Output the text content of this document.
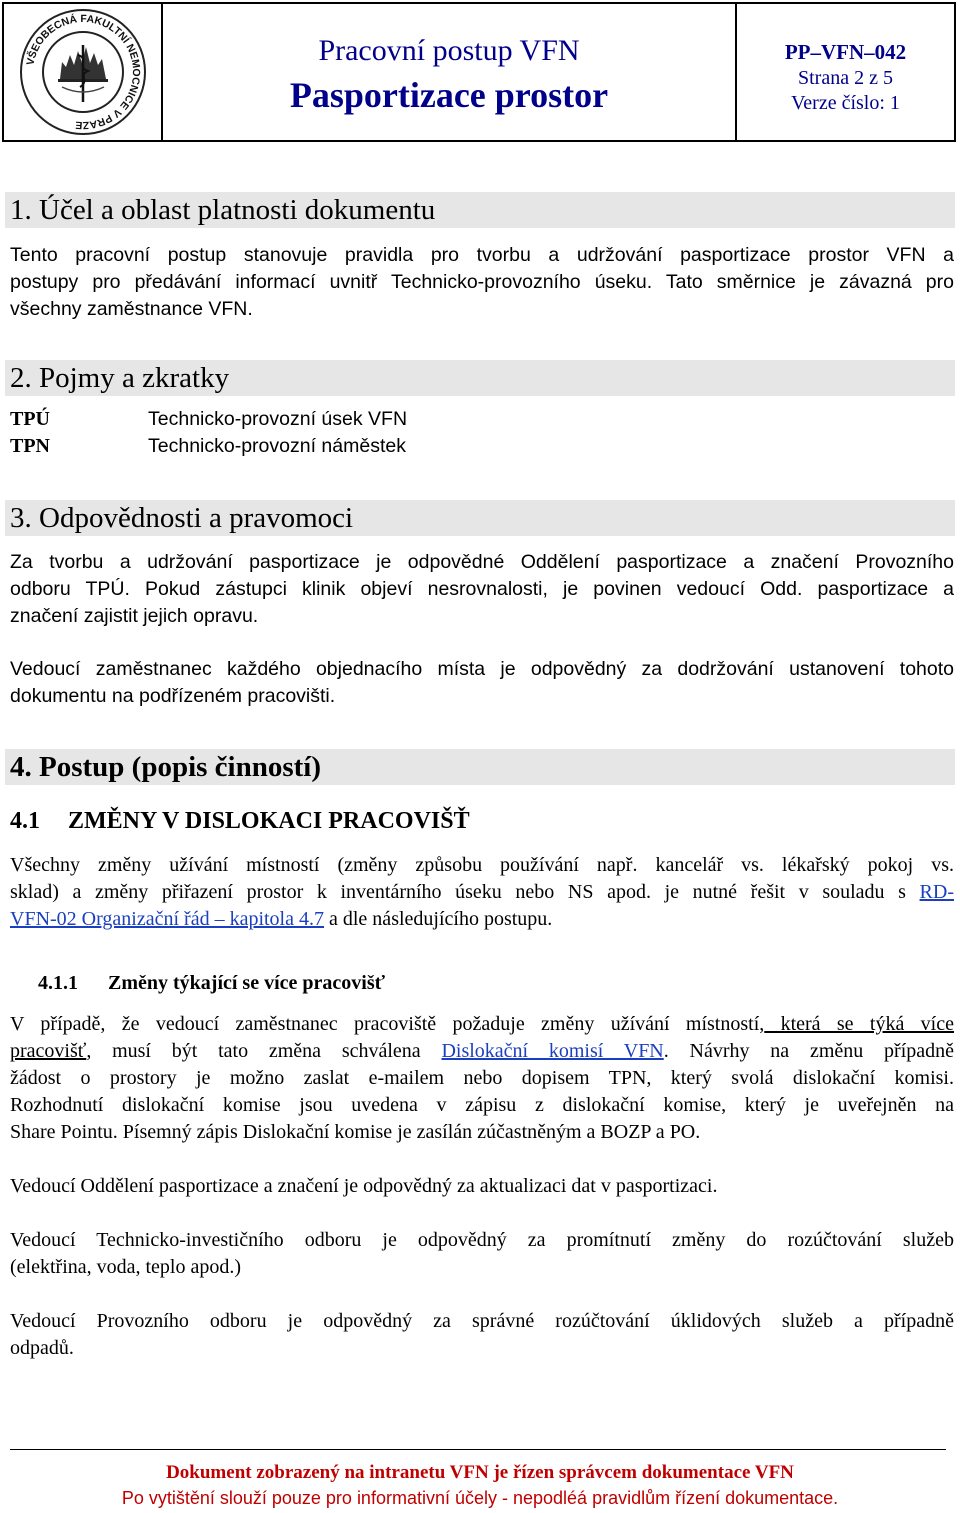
VŠEOBECNÁ FAKULTNÍ NEMOCNICE V PRAZE
Pracovní postup VFN
Pasportizace prostor
PP–VFN–042
Strana 2 z 5
Verze číslo: 1
1. Účel a oblast platnosti dokumentu
Tento pracovní postup stanovuje pravidla pro tvorbu a udržování pasportizace prostor VFN a
postupy pro předávání informací uvnitř Technicko-provozního úseku. Tato směrnice je závazná pro
všechny zaměstnance VFN.
2. Pojmy a zkratky
TPÚ	Technicko-provozní úsek VFN
TPN	Technicko-provozní náměstek
3. Odpovědnosti a pravomoci
Za tvorbu a udržování pasportizace je odpovědné Oddělení pasportizace a značení Provozního
odboru TPÚ. Pokud zástupci klinik objeví nesrovnalosti, je povinen vedoucí Odd. pasportizace a
značení zajistit jejich opravu.
Vedoucí zaměstnanec každého objednacího místa je odpovědný za dodržování ustanovení tohoto
dokumentu na podřízeném pracovišti.
4. Postup (popis činností)
4.1 ZMĚNY V DISLOKACI PRACOVIŠŤ
Všechny změny užívání místností (změny způsobu používání např. kancelář vs. lékařský pokoj vs.
sklad) a změny přiřazení prostor k inventárního úseku nebo NS apod. je nutné řešit v souladu s RD-
VFN-02 Organizační řád – kapitola 4.7 a dle následujícího postupu.
4.1.1 Změny týkající se více pracovišť
V případě, že vedoucí zaměstnanec pracoviště požaduje změny užívání místností, která se týká více
pracovišť, musí být tato změna schválena Dislokační komisí VFN. Návrhy na změnu případně
žádost o prostory je možno zaslat e-mailem nebo dopisem TPN, který svolá dislokační komisi.
Rozhodnutí dislokační komise jsou uvedena v zápisu z dislokační komise, který je uveřejněn na
Share Pointu. Písemný zápis Dislokační komise je zasílán zúčastněným a BOZP a PO.
Vedoucí Oddělení pasportizace a značení je odpovědný za aktualizaci dat v pasportizaci.
Vedoucí Technicko-investičního odboru je odpovědný za promítnutí změny do rozúčtování služeb
(elektřina, voda, teplo apod.)
Vedoucí Provozního odboru je odpovědný za správné rozúčtování úklidových služeb a případně
odpadů.
Dokument zobrazený na intranetu VFN je řízen správcem dokumentace VFN
Po vytištění slouží pouze pro informativní účely - nepodléá pravidlům řízení dokumentace.
